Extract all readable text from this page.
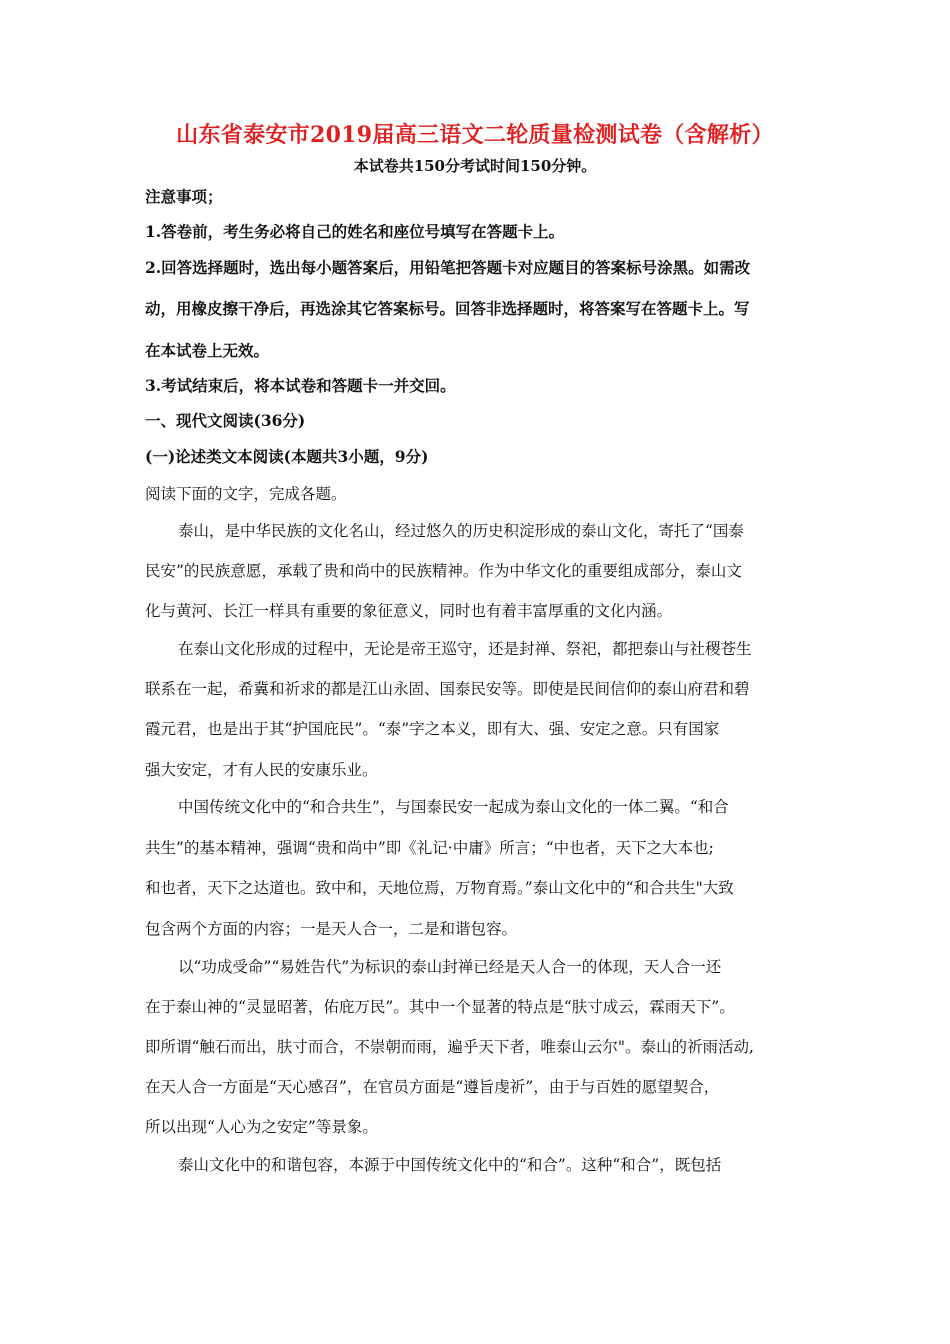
山东省泰安市2019届高三语文二轮质量检测试卷（含解析）
本试卷共150分考试时间150分钟。
注意事项；
1.答卷前，考生务必将自己的姓名和座位号填写在答题卡上。
2.回答选择题时，选出每小题答案后，用铅笔把答题卡对应题目的答案标号涂黑。如需改
动，用橡皮擦干净后，再选涂其它答案标号。回答非选择题时，将答案写在答题卡上。写
在本试卷上无效。
3.考试结束后，将本试卷和答题卡一并交回。
一、现代文阅读(36分)
(一)论述类文本阅读(本题共3小题，9分)
阅读下面的文字，完成各题。
泰山，是中华民族的文化名山，经过悠久的历史积淀形成的泰山文化，寄托了“国泰
民安”的民族意愿，承载了贵和尚中的民族精神。作为中华文化的重要组成部分，泰山文
化与黄河、长江一样具有重要的象征意义，同时也有着丰富厚重的文化内涵。
在泰山文化形成的过程中，无论是帝王巡守，还是封禅、祭祀，都把泰山与社稷苍生
联系在一起，希冀和祈求的都是江山永固、国泰民安等。即使是民间信仰的泰山府君和碧
霞元君，也是出于其“护国庇民”。“泰”字之本义，即有大、强、安定之意。只有国家
强大安定，才有人民的安康乐业。
中国传统文化中的“和合共生”，与国泰民安一起成为泰山文化的一体二翼。“和合
共生”的基本精神，强调“贵和尚中”即《礼记·中庸》所言；“中也者，天下之大本也;
和也者，天下之达道也。致中和，天地位焉，万物育焉。”泰山文化中的“和合共生"大致
包含两个方面的内容；一是天人合一，二是和谐包容。
以“功成受命”“易姓告代”为标识的泰山封禅已经是天人合一的体现，天人合一还
在于泰山神的“灵显昭著，佑庇万民”。其中一个显著的特点是“肤寸成云，霖雨天下”。
即所谓“触石而出，肤寸而合，不崇朝而雨，遍乎天下者，唯泰山云尔"。泰山的祈雨活动,
在天人合一方面是“天心感召”，在官员方面是“遵旨虔祈”，由于与百姓的愿望契合，
所以出现“人心为之安定”等景象。
泰山文化中的和谐包容，本源于中国传统文化中的“和合”。这种“和合”，既包括
